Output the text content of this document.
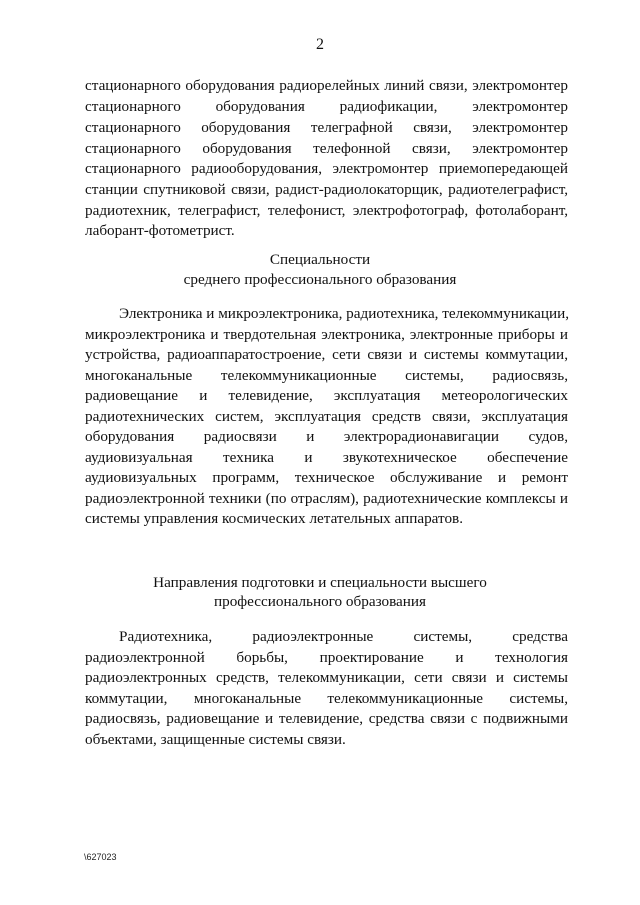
2
стационарного оборудования радиорелейных линий связи, электромонтер
стационарного оборудования радиофикации, электромонтер
стационарного оборудования телеграфной связи, электромонтер
стационарного оборудования телефонной связи, электромонтер
стационарного радиооборудования, электромонтер приемопередающей
станции спутниковой связи, радист-радиолокаторщик, радиотелеграфист,
радиотехник, телеграфист, телефонист, электрофотограф, фотолаборант,
лаборант-фотометрист.
Специальности
среднего профессионального образования
Электроника и микроэлектроника, радиотехника, телекоммуникации,
микроэлектроника и твердотельная электроника, электронные приборы и
устройства, радиоаппаратостроение, сети связи и системы коммутации,
многоканальные телекоммуникационные системы, радиосвязь,
радиовещание и телевидение, эксплуатация метеорологических
радиотехнических систем, эксплуатация средств связи, эксплуатация
оборудования радиосвязи и электрорадионавигации судов,
аудиовизуальная техника и звукотехническое обеспечение
аудиовизуальных программ, техническое обслуживание и ремонт
радиоэлектронной техники (по отраслям), радиотехнические комплексы и
системы управления космических летательных аппаратов.
Направления подготовки и специальности высшего
профессионального образования
Радиотехника, радиоэлектронные системы, средства
радиоэлектронной борьбы, проектирование и технология
радиоэлектронных средств, телекоммуникации, сети связи и системы
коммутации, многоканальные телекоммуникационные системы,
радиосвязь, радиовещание и телевидение, средства связи с подвижными
объектами, защищенные системы связи.
\627023
